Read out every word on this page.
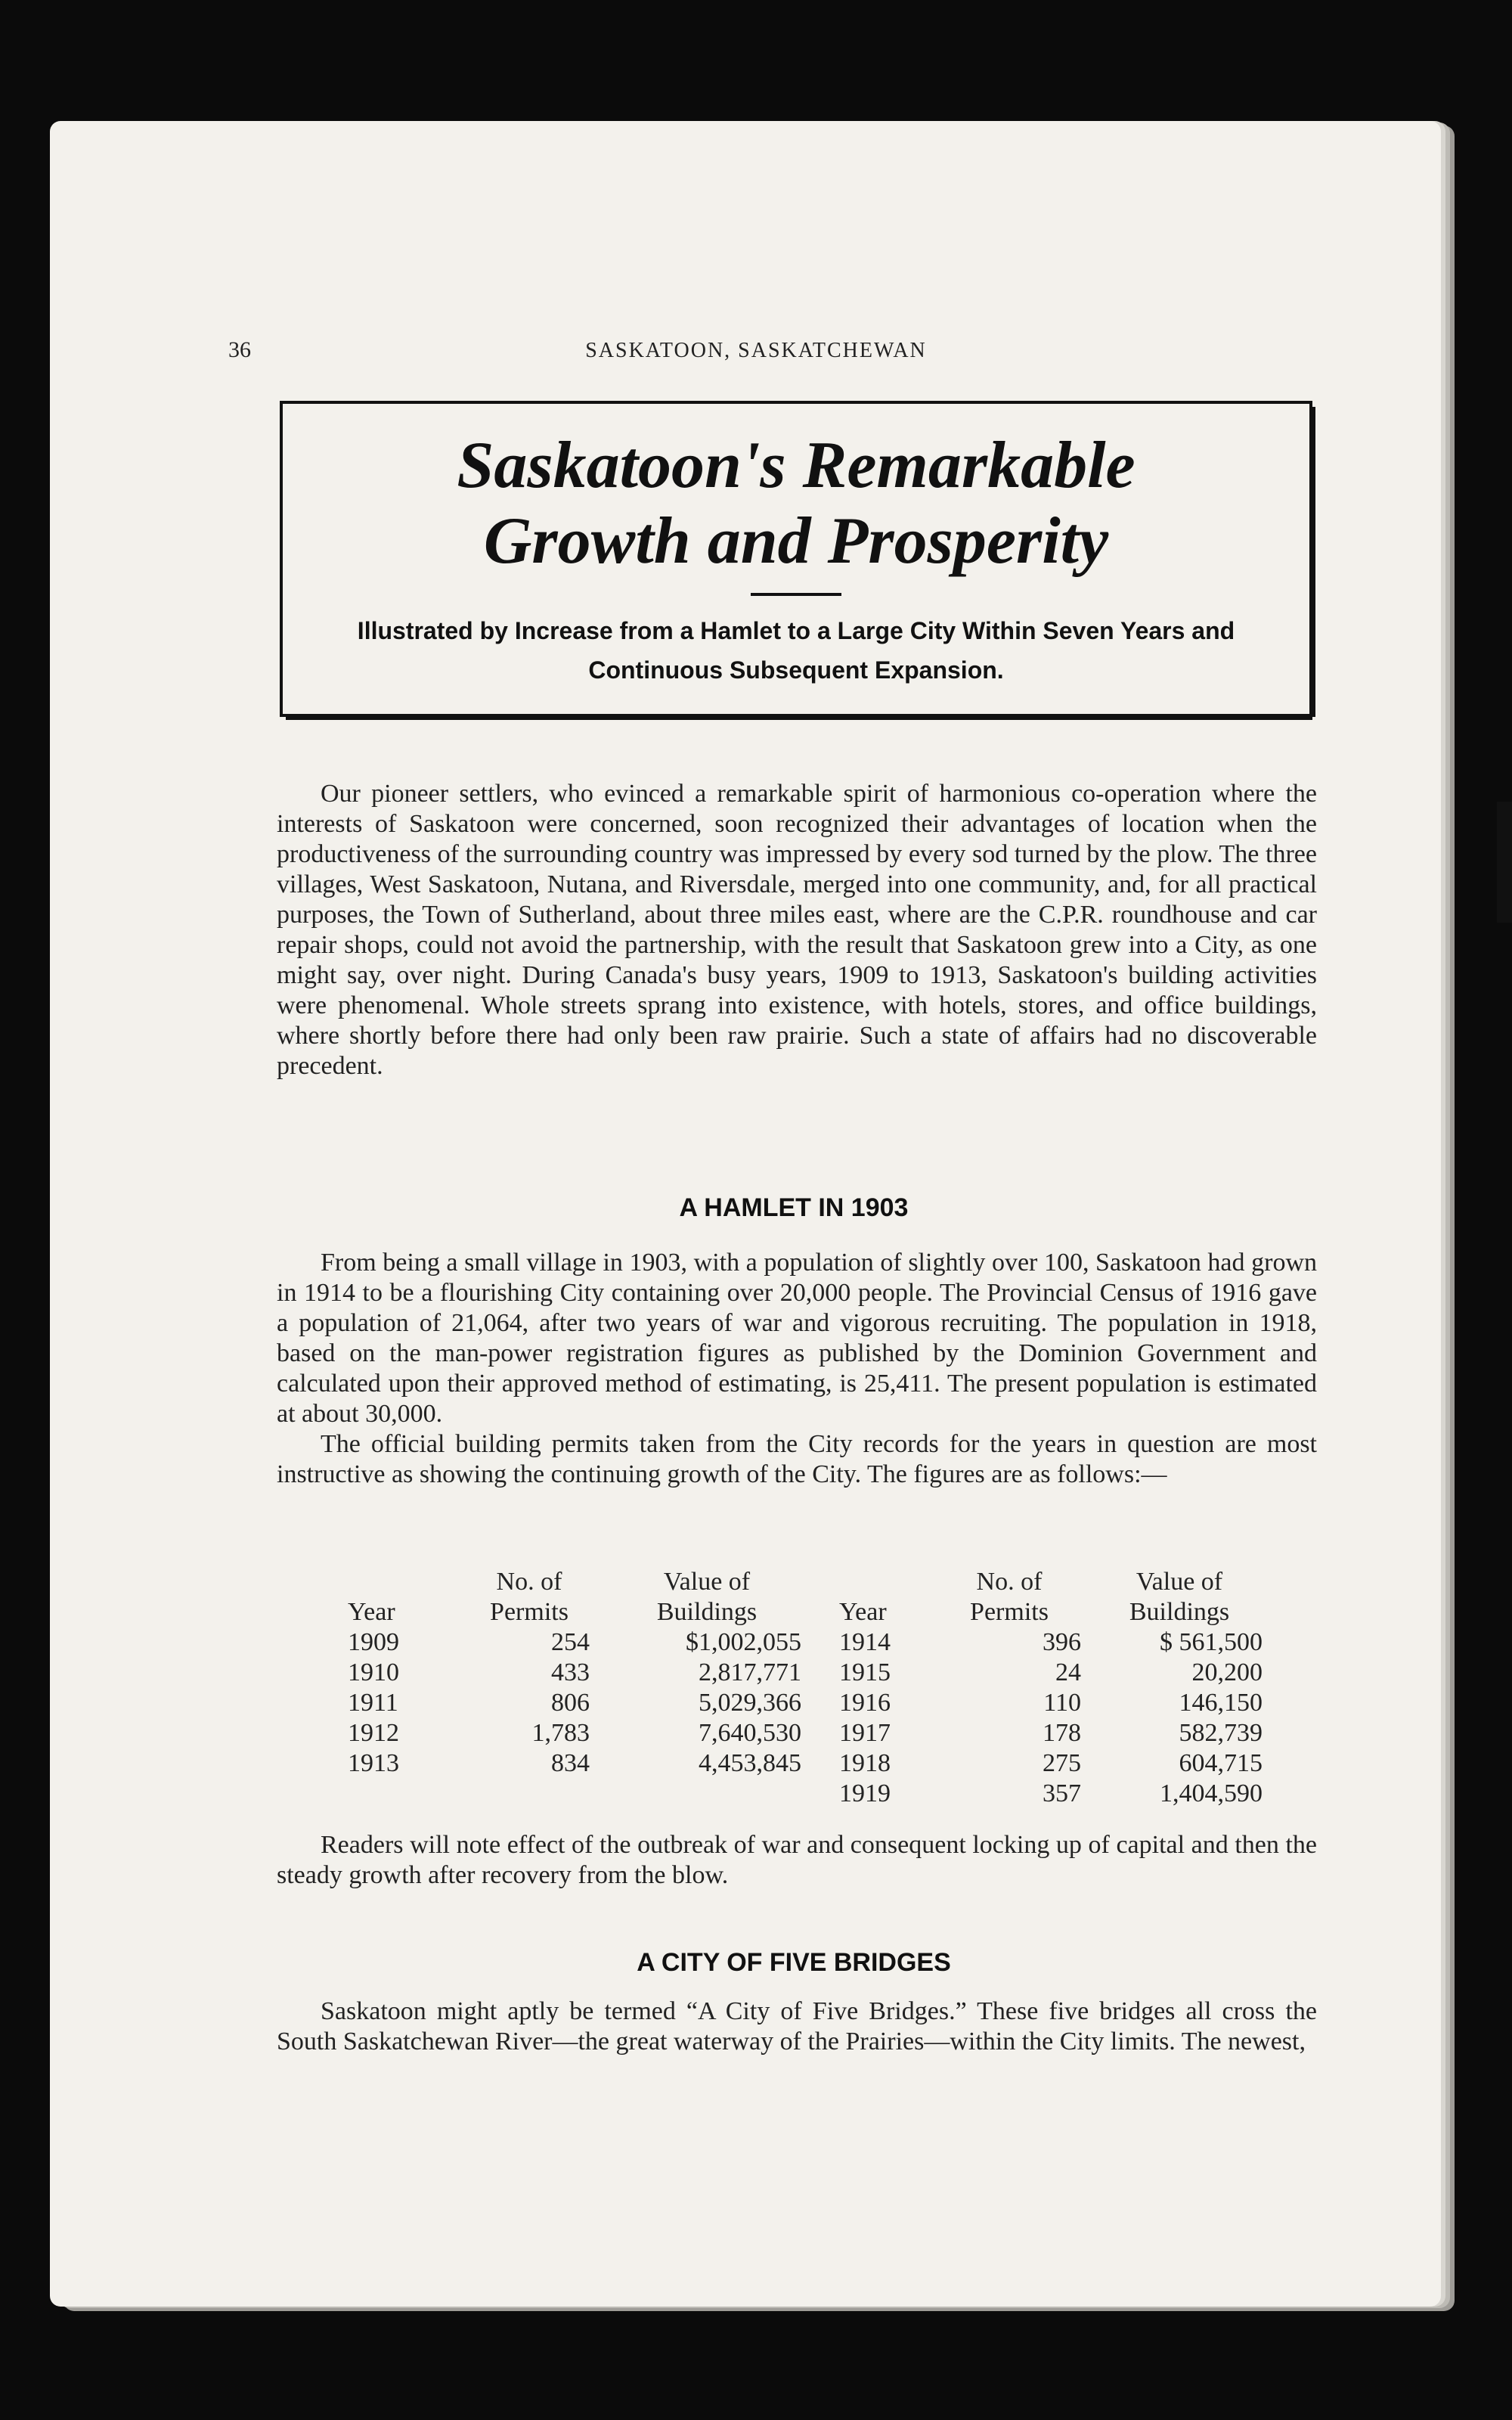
36	SASKATOON, SASKATCHEWAN
Saskatoon's Remarkable
Growth and Prosperity
Illustrated by Increase from a Hamlet to a Large City Within Seven Years and Continuous Subsequent Expansion.

Our pioneer settlers, who evinced a remarkable spirit of harmonious co-operation where the interests of Saskatoon were concerned, soon recognized their advantages of location when the productiveness of the surrounding country was impressed by every sod turned by the plow. The three villages, West Saskatoon, Nutana, and Riversdale, merged into one community, and, for all practical purposes, the Town of Sutherland, about three miles east, where are the C.P.R. roundhouse and car repair shops, could not avoid the partnership, with the result that Saskatoon grew into a City, as one might say, over night. During Canada's busy years, 1909 to 1913, Saskatoon's building activities were phenomenal. Whole streets sprang into existence, with hotels, stores, and office buildings, where shortly before there had only been raw prairie. Such a state of affairs had no discoverable precedent.

A HAMLET IN 1903

From being a small village in 1903, with a population of slightly over 100, Saskatoon had grown in 1914 to be a flourishing City containing over 20,000 people. The Provincial Census of 1916 gave a population of 21,064, after two years of war and vigorous recruiting. The population in 1918, based on the man-power registration figures as published by the Dominion Government and calculated upon their approved method of estimating, is 25,411. The present population is estimated at about 30,000.

The official building permits taken from the City records for the years in question are most instructive as showing the continuing growth of the City. The figures are as follows:—

Year
1909
1910
1911
1912
1913
No. of
Permits
254
433
806
1,783
834
Value of
Buildings
$1,002,055
2,817,771
5,029,366
7,640,530
4,453,845
Year
1914
1915
1916
1917
1918
1919
No. of
Permits
396
24
110
178
275
357
Value of
Buildings
$ 561,500
20,200
146,150
582,739
604,715
1,404,590

Readers will note effect of the outbreak of war and consequent locking up of capital and then the steady growth after recovery from the blow.

A CITY OF FIVE BRIDGES

Saskatoon might aptly be termed “A City of Five Bridges.” These five bridges all cross the South Saskatchewan River—the great waterway of the Prairies—within the City limits. The newest,
